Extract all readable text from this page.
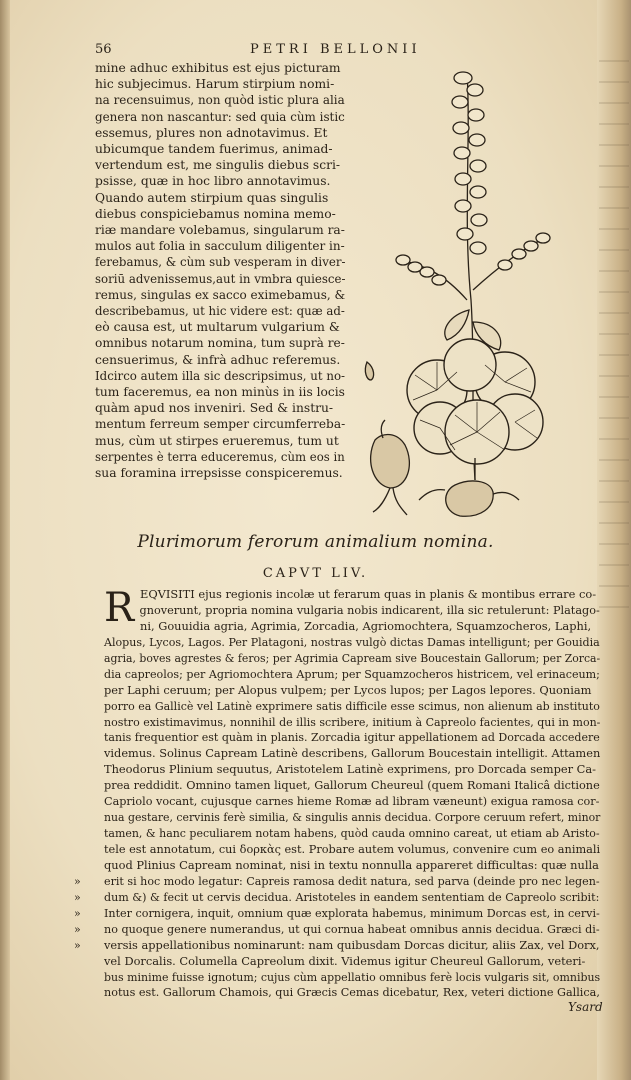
56	PETRI BELLONII
mine adhuc exhibitus est ejus picturam
hic subjecimus. Harum stirpium nomi-
na recensuimus, non quòd istic plura alia
genera non nascantur: sed quia cùm istic
essemus, plures non adnotavimus. Et
ubicumque tandem fuerimus, animad-
vertendum est, me singulis diebus scri-
psisse, quæ in hoc libro annotavimus.
Quando autem stirpium quas singulis
diebus conspiciebamus nomina memo-
riæ mandare volebamus, singularum ra-
mulos aut folia in sacculum diligenter in-
ferebamus, & cùm sub vesperam in diver-
soriū advenissemus,aut in vmbra quiesce-
remus, singulas ex sacco eximebamus, &
describebamus, ut hic videre est: quæ ad-
eò causa est, ut multarum vulgarium &
omnibus notarum nomina, tum suprà re-
censuerimus, & infrà adhuc referemus.
Idcirco autem illa sic descripsimus, ut no-
tum faceremus, ea non minùs in iis locis
quàm apud nos inveniri. Sed & instru-
mentum ferreum semper circumferreba-
mus, cùm ut stirpes erueremus, tum ut
serpentes è terra educeremus, cùm eos in
sua foramina irrepsisse conspiceremus.
Plurimorum ferorum animalium nomina.
CAPVT LIV.
R
»
»
»
»
»
EQVISITI ejus regionis incolæ ut ferarum quas in planis & montibus errare co-
gnoverunt, propria nomina vulgaria nobis indicarent, illa sic retulerunt: Platago-
ni, Gouuidia agria, Agrimia, Zorcadia, Agriomochtera, Squamzocheros, Laphi,
Alopus, Lycos, Lagos. Per Platagoni, nostras vulgò dictas Damas intelligunt; per Gouidia
agria, boves agrestes & feros; per Agrimia Capream sive Boucestain Gallorum; per Zorca-
dia capreolos; per Agriomochtera Aprum; per Squamzocheros histricem, vel erinaceum;
per Laphi ceruum; per Alopus vulpem; per Lycos lupos; per Lagos lepores. Quoniam
porro ea Gallicè vel Latinè exprimere satis difficile esse scimus, non alienum ab instituto
nostro existimavimus, nonnihil de illis scribere, initium à Capreolo facientes, qui in mon-
tanis frequentior est quàm in planis. Zorcadia igitur appellationem ad Dorcada accedere
videmus. Solinus Capream Latinè describens, Gallorum Boucestain intelligit. Attamen
Theodorus Plinium sequutus, Aristotelem Latinè exprimens, pro Dorcada semper Ca-
prea reddidit. Omnino tamen liquet, Gallorum Cheureul (quem Romani Italicâ dictione
Capriolo vocant, cujusque carnes hieme Romæ ad libram væneunt) exigua ramosa cor-
nua gestare, cervinis ferè similia, & singulis annis decidua. Corpore ceruum refert, minor
tamen, & hanc peculiarem notam habens, quòd cauda omnino careat, ut etiam ab Aristo-
tele est annotatum, cui δορκὰς est. Probare autem volumus, convenire cum eo animali
quod Plinius Capream nominat, nisi in textu nonnulla appareret difficultas: quæ nulla
erit si hoc modo legatur: Capreis ramosa dedit natura, sed parva (deinde pro nec legen-
dum &) & fecit ut cervis decidua. Aristoteles in eandem sententiam de Capreolo scribit:
Inter cornigera, inquit, omnium quæ explorata habemus, minimum Dorcas est, in cervi-
no quoque genere numerandus, ut qui cornua habeat omnibus annis decidua. Græci di-
versis appellationibus nominarunt: nam quibusdam Dorcas dicitur, aliis Zax, vel Dorx,
vel Dorcalis. Columella Capreolum dixit. Videmus igitur Cheureul Gallorum, veteri-
bus minime fuisse ignotum; cujus cùm appellatio omnibus ferè locis vulgaris sit, omnibus
notus est. Gallorum Chamois, qui Græcis Cemas dicebatur, Rex, veteri dictione Gallica,
Ysard
